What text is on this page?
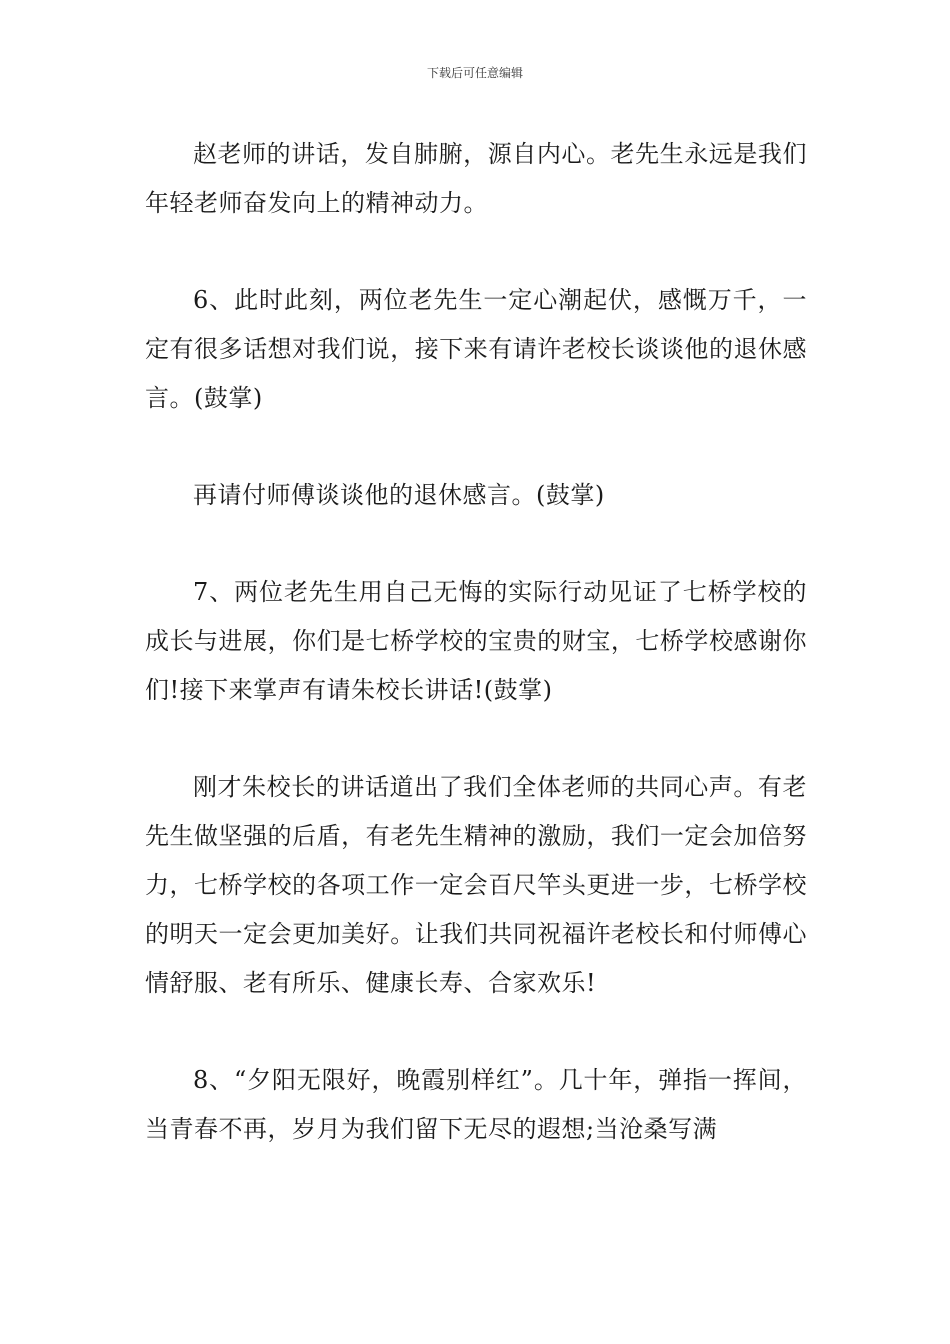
下载后可任意编辑

赵老师的讲话，发自肺腑，源自内心。老先生永远是我们年轻老师奋发向上的精神动力。

6、此时此刻，两位老先生一定心潮起伏，感慨万千，一定有很多话想对我们说，接下来有请许老校长谈谈他的退休感言。(鼓掌)

再请付师傅谈谈他的退休感言。(鼓掌)

7、两位老先生用自己无悔的实际行动见证了七桥学校的成长与进展，你们是七桥学校的宝贵的财宝，七桥学校感谢你们!接下来掌声有请朱校长讲话!(鼓掌)

刚才朱校长的讲话道出了我们全体老师的共同心声。有老先生做坚强的后盾，有老先生精神的激励，我们一定会加倍努力，七桥学校的各项工作一定会百尺竿头更进一步，七桥学校的明天一定会更加美好。让我们共同祝福许老校长和付师傅心情舒服、老有所乐、健康长寿、合家欢乐!

8、“夕阳无限好，晚霞别样红”。几十年，弹指一挥间，当青春不再，岁月为我们留下无尽的遐想;当沧桑写满
